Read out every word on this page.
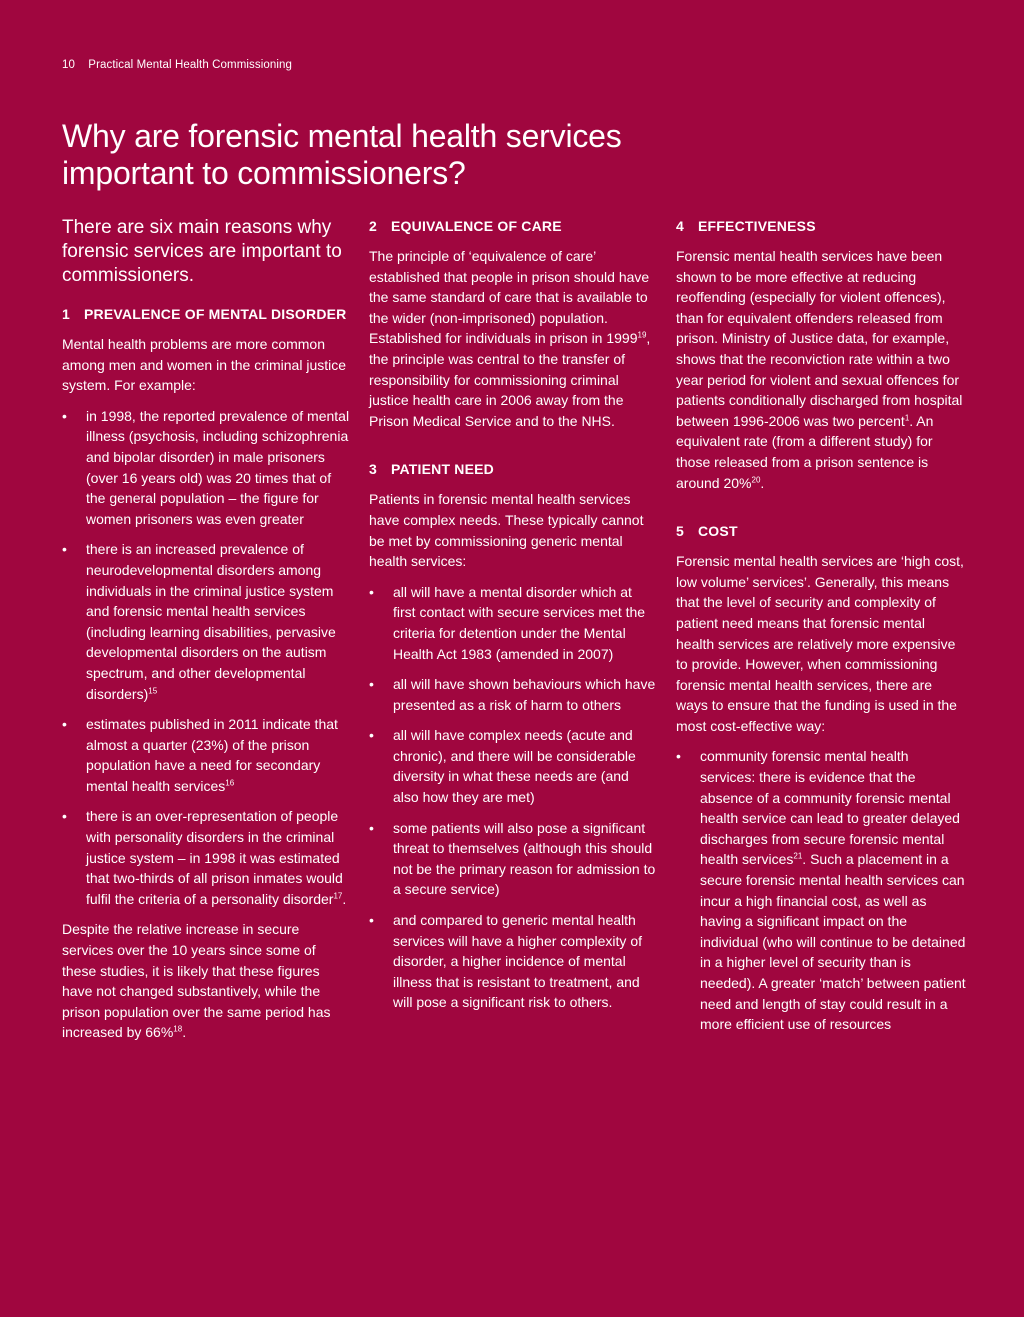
10 Practical Mental Health Commissioning
Why are forensic mental health services important to commissioners?

There are six main reasons why forensic services are important to commissioners.

1 PREVALENCE OF MENTAL DISORDER

Mental health problems are more common among men and women in the criminal justice system. For example:

• in 1998, the reported prevalence of mental illness (psychosis, including schizophrenia and bipolar disorder) in male prisoners (over 16 years old) was 20 times that of the general population – the figure for women prisoners was even greater
• there is an increased prevalence of neurodevelopmental disorders among individuals in the criminal justice system and forensic mental health services (including learning disabilities, pervasive developmental disorders on the autism spectrum, and other developmental disorders)$^{15}$
• estimates published in 2011 indicate that almost a quarter (23%) of the prison population have a need for secondary mental health services$^{16}$
• there is an over-representation of people with personality disorders in the criminal justice system – in 1998 it was estimated that two-thirds of all prison inmates would fulfil the criteria of a personality disorder$^{17}$.

Despite the relative increase in secure services over the 10 years since some of these studies, it is likely that these figures have not changed substantively, while the prison population over the same period has increased by 66%$^{18}$.

2 EQUIVALENCE OF CARE

The principle of ‘equivalence of care’ established that people in prison should have the same standard of care that is available to the wider (non-imprisoned) population. Established for individuals in prison in 1999$^{19}$, the principle was central to the transfer of responsibility for commissioning criminal justice health care in 2006 away from the Prison Medical Service and to the NHS.

3 PATIENT NEED

Patients in forensic mental health services have complex needs. These typically cannot be met by commissioning generic mental health services:

• all will have a mental disorder which at first contact with secure services met the criteria for detention under the Mental Health Act 1983 (amended in 2007)
• all will have shown behaviours which have presented as a risk of harm to others
• all will have complex needs (acute and chronic), and there will be considerable diversity in what these needs are (and also how they are met)
• some patients will also pose a significant threat to themselves (although this should not be the primary reason for admission to a secure service)
• and compared to generic mental health services will have a higher complexity of disorder, a higher incidence of mental illness that is resistant to treatment, and will pose a significant risk to others.
4 EFFECTIVENESS

Forensic mental health services have been shown to be more effective at reducing reoffending (especially for violent offences), than for equivalent offenders released from prison. Ministry of Justice data, for example, shows that the reconviction rate within a two year period for violent and sexual offences for patients conditionally discharged from hospital between 1996-2006 was two percent$^1$. An equivalent rate (from a different study) for those released from a prison sentence is around 20%$^{20}$.

5 COST

Forensic mental health services are ‘high cost, low volume’ services’. Generally, this means that the level of security and complexity of patient need means that forensic mental health services are relatively more expensive to provide. However, when commissioning forensic mental health services, there are ways to ensure that the funding is used in the most cost-effective way:

• community forensic mental health services: there is evidence that the absence of a community forensic mental health service can lead to greater delayed discharges from secure forensic mental health services$^{21}$. Such a placement in a secure forensic mental health services can incur a high financial cost, as well as having a significant impact on the individual (who will continue to be detained in a higher level of security than is needed). A greater ‘match’ between patient need and length of stay could result in a more efficient use of resources
